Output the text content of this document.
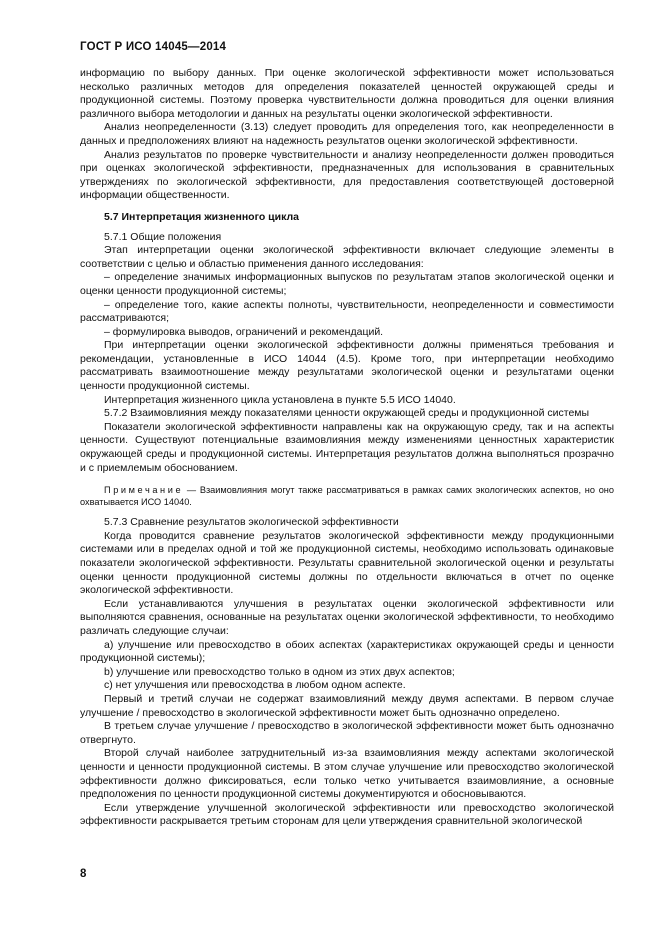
ГОСТ Р ИСО 14045—2014

информацию по выбору данных. При оценке экологической эффективности может использоваться несколько различных методов для определения показателей ценностей окружающей среды и продукционной системы. Поэтому проверка чувствительности должна проводиться для оценки влияния различного выбора методологии и данных на результаты оценки экологической эффективности.

Анализ неопределенности (3.13) следует проводить для определения того, как неопределенности в данных и предположениях влияют на надежность результатов оценки экологической эффективности.

Анализ результатов по проверке чувствительности и анализу неопределенности должен проводиться при оценках экологической эффективности, предназначенных для использования в сравнительных утверждениях по экологической эффективности, для предоставления соответствующей достоверной информации общественности.

5.7 Интерпретация жизненного цикла

5.7.1 Общие положения

Этап интерпретации оценки экологической эффективности включает следующие элементы в соответствии с целью и областью применения данного исследования:

– определение значимых информационных выпусков по результатам этапов экологической оценки и оценки ценности продукционной системы;

– определение того, какие аспекты полноты, чувствительности, неопределенности и совместимости рассматриваются;

– формулировка выводов, ограничений и рекомендаций.

При интерпретации оценки экологической эффективности должны применяться требования и рекомендации, установленные в ИСО 14044 (4.5). Кроме того, при интерпретации необходимо рассматривать взаимоотношение между результатами экологической оценки и результатами оценки ценности продукционной системы.

Интерпретация жизненного цикла установлена в пункте 5.5 ИСО 14040.

5.7.2 Взаимовлияния между показателями ценности окружающей среды и продукционной системы

Показатели экологической эффективности направлены как на окружающую среду, так и на аспекты ценности. Существуют потенциальные взаимовлияния между изменениями ценностных характеристик окружающей среды и продукционной системы. Интерпретация результатов должна выполняться прозрачно и с приемлемым обоснованием.

Примечание — Взаимовлияния могут также рассматриваться в рамках самих экологических аспектов, но оно охватывается ИСО 14040.

5.7.3 Сравнение результатов экологической эффективности

Когда проводится сравнение результатов экологической эффективности между продукционными системами или в пределах одной и той же продукционной системы, необходимо использовать одинаковые показатели экологической эффективности. Результаты сравнительной экологической оценки и результаты оценки ценности продукционной системы должны по отдельности включаться в отчет по оценке экологической эффективности.

Если устанавливаются улучшения в результатах оценки экологической эффективности или выполняются сравнения, основанные на результатах оценки экологической эффективности, то необходимо различать следующие случаи:

a) улучшение или превосходство в обоих аспектах (характеристиках окружающей среды и ценности продукционной системы);

b) улучшение или превосходство только в одном из этих двух аспектов;

c) нет улучшения или превосходства в любом одном аспекте.

Первый и третий случаи не содержат взаимовлияний между двумя аспектами. В первом случае улучшение / превосходство в экологической эффективности может быть однозначно определено.

В третьем случае улучшение / превосходство в экологической эффективности может быть однозначно отвергнуто.

Второй случай наиболее затруднительный из-за взаимовлияния между аспектами экологической ценности и ценности продукционной системы. В этом случае улучшение или превосходство экологической эффективности должно фиксироваться, если только четко учитывается взаимовлияние, а основные предположения по ценности продукционной системы документируются и обосновываются.

Если утверждение улучшенной экологической эффективности или превосходство экологической эффективности раскрывается третьим сторонам для цели утверждения сравнительной экологической

8
